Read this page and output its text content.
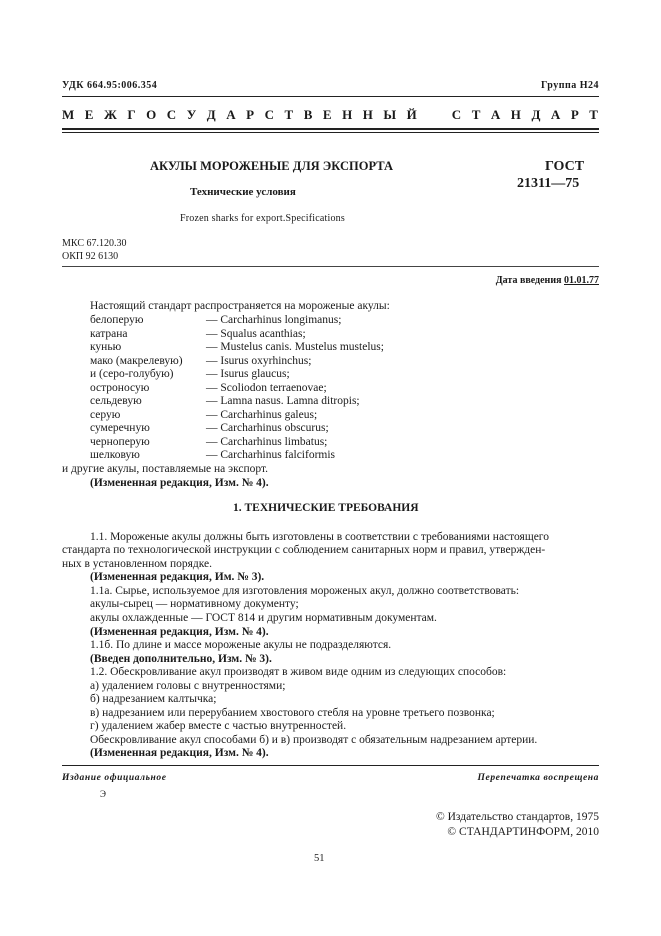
УДК 664.95:006.354	Группа Н24
М Е Ж Г О С У Д А Р С Т В Е Н Н Ы Й	С Т А Н Д А Р Т
АКУЛЫ МОРОЖЕНЫЕ ДЛЯ ЭКСПОРТА
Технические условия
Frozen sharks for export.Specifications
ГОСТ
21311—75
МКС 67.120.30
ОКП 92 6130
Дата введения 01.01.77
Настоящий стандарт распространяется на мороженые акулы:
белоперую	— Carcharhinus longimanus;
катрана	— Squalus acanthias;
кунью	— Mustelus canis. Mustelus mustelus;
мако (макрелевую) — Isurus oxyrhinchus;
и (серо-голубую)	— Isurus glaucus;
остроносую	— Scoliodon terraenovae;
сельдевую	— Lamna nasus. Lamna ditropis;
серую	— Carcharhinus galeus;
сумеречную	— Carcharhinus obscurus;
черноперую	— Carcharhinus limbatus;
шелковую	— Carcharhinus falciformis
и другие акулы, поставляемые на экспорт.
(Измененная редакция, Изм. № 4).
1. ТЕХНИЧЕСКИЕ ТРЕБОВАНИЯ
1.1. Мороженые акулы должны быть изготовлены в соответствии с требованиями настоящего
стандарта по технологической инструкции с соблюдением санитарных норм и правил, утвержден-
ных в установленном порядке.
(Измененная редакция, Им. № 3).
1.1а. Сырье, используемое для изготовления мороженых акул, должно соответствовать:
акулы-сырец — нормативному документу;
акулы охлажденные — ГОСТ 814 и другим нормативным документам.
(Измененная редакция, Изм. № 4).
1.1б. По длине и массе мороженые акулы не подразделяются.
(Введен дополнительно, Изм. № 3).
1.2. Обескровливание акул производят в живом виде одним из следующих способов:
а) удалением головы с внутренностями;
б) надрезанием калтычка;
в) надрезанием или перерубанием хвостового стебля на уровне третьего позвонка;
г) удалением жабер вместе с частью внутренностей.
Обескровливание акул способами б) и в) производят с обязательным надрезанием артерии.
(Измененная редакция, Изм. № 4).
Издание официальное	Перепечатка воспрещена
Э
© Издательство стандартов, 1975
© СТАНДАРТИНФОРМ, 2010
51
